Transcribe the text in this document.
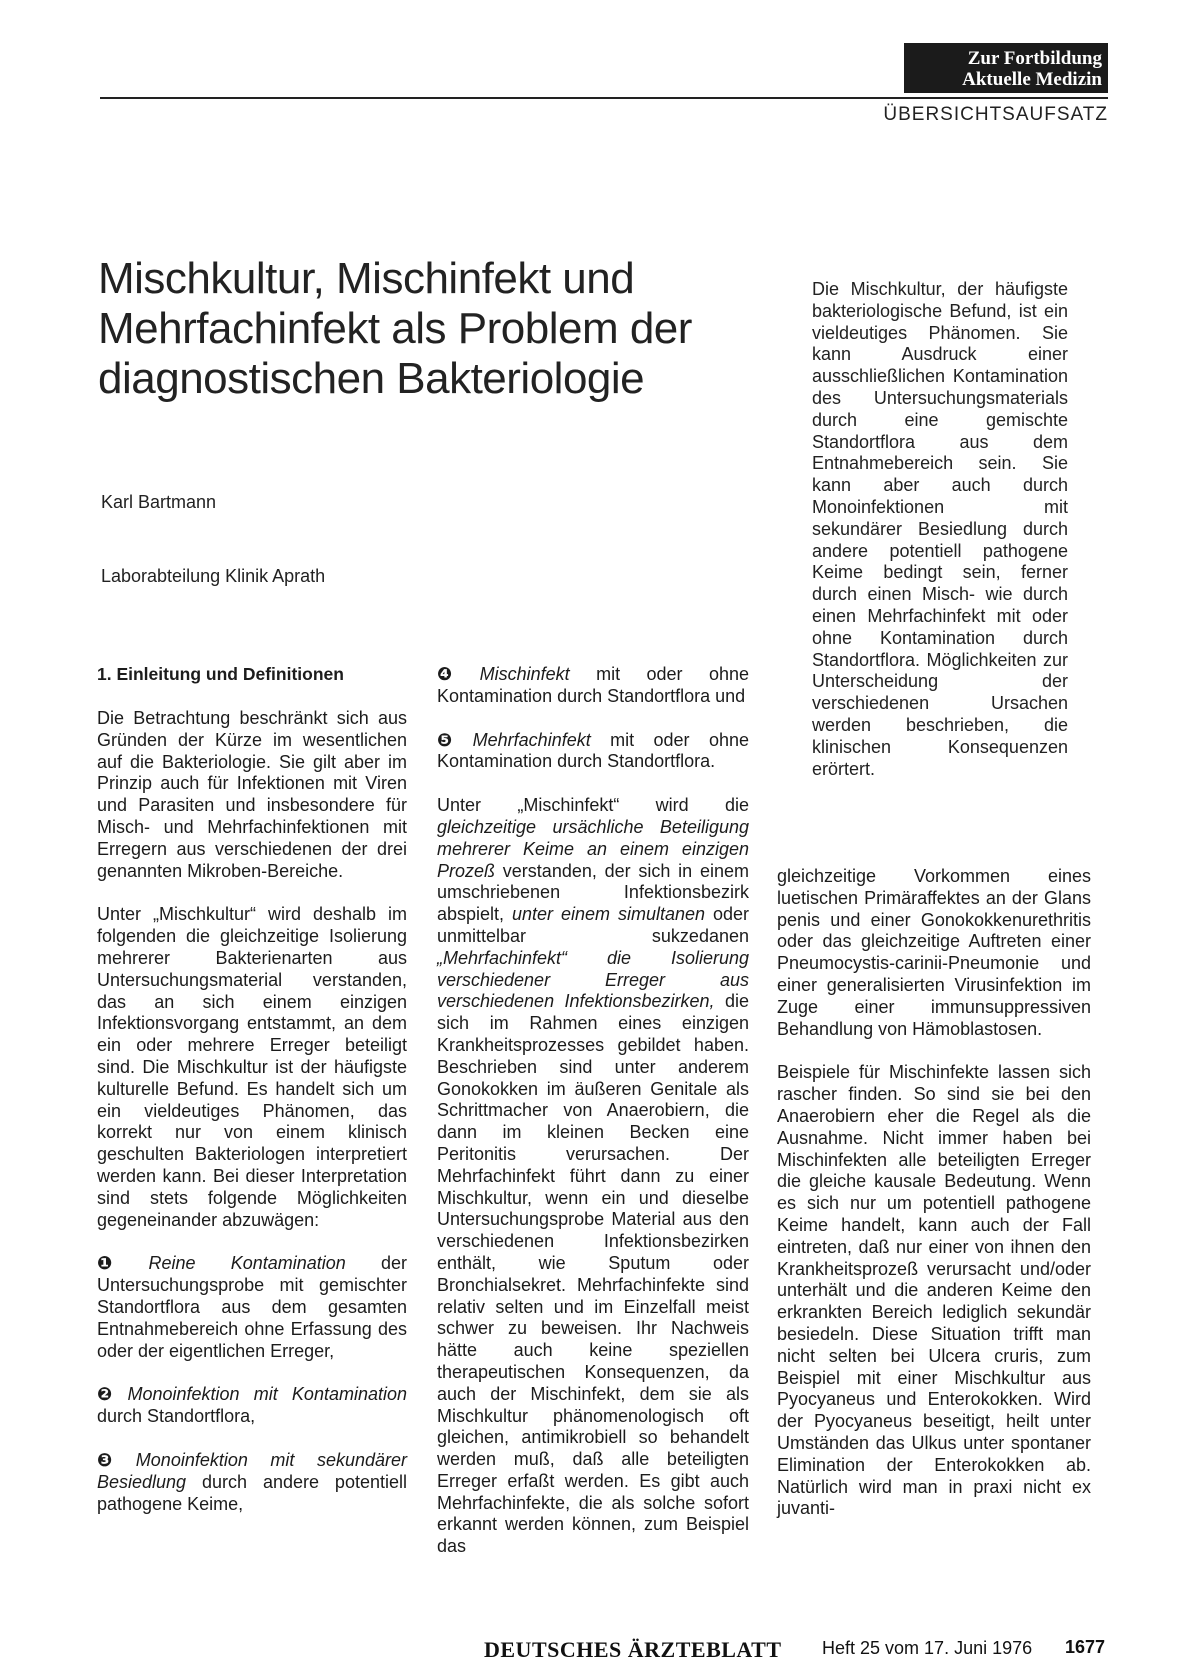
Zur Fortbildung
Aktuelle Medizin
ÜBERSICHTSAUFSATZ
Mischkultur, Mischinfekt und Mehrfachinfekt als Problem der diagnostischen Bakteriologie
Karl Bartmann
Laborabteilung Klinik Aprath
Die Mischkultur, der häufigste bakteriologische Befund, ist ein vieldeutiges Phänomen. Sie kann Ausdruck einer ausschließlichen Kontamination des Untersuchungsmaterials durch eine gemischte Standortflora aus dem Entnahmebereich sein. Sie kann aber auch durch Monoinfektionen mit sekundärer Besiedlung durch andere potentiell pathogene Keime bedingt sein, ferner durch einen Misch- wie durch einen Mehrfachinfekt mit oder ohne Kontamination durch Standortflora. Möglichkeiten zur Unterscheidung der verschiedenen Ursachen werden beschrieben, die klinischen Konsequenzen erörtert.
1. Einleitung und Definitionen

Die Betrachtung beschränkt sich aus Gründen der Kürze im wesentlichen auf die Bakteriologie. Sie gilt aber im Prinzip auch für Infektionen mit Viren und Parasiten und insbesondere für Misch- und Mehrfachinfektionen mit Erregern aus verschiedenen der drei genannten Mikroben-Bereiche.

Unter „Mischkultur“ wird deshalb im folgenden die gleichzeitige Isolierung mehrerer Bakterienarten aus Untersuchungsmaterial verstanden, das an sich einem einzigen Infektionsvorgang entstammt, an dem ein oder mehrere Erreger beteiligt sind. Die Mischkultur ist der häufigste kulturelle Befund. Es handelt sich um ein vieldeutiges Phänomen, das korrekt nur von einem klinisch geschulten Bakteriologen interpretiert werden kann. Bei dieser Interpretation sind stets folgende Möglichkeiten gegeneinander abzuwägen:

❶ Reine Kontamination der Untersuchungsprobe mit gemischter Standortflora aus dem gesamten Entnahmebereich ohne Erfassung des oder der eigentlichen Erreger,

❷ Monoinfektion mit Kontamination durch Standortflora,

❸ Monoinfektion mit sekundärer Besiedlung durch andere potentiell pathogene Keime,

❹ Mischinfekt mit oder ohne Kontamination durch Standortflora und

❺ Mehrfachinfekt mit oder ohne Kontamination durch Standortflora.

Unter „Mischinfekt“ wird die gleichzeitige ursächliche Beteiligung mehrerer Keime an einem einzigen Prozeß verstanden, der sich in einem umschriebenen Infektionsbezirk abspielt, unter einem simultanen oder unmittelbar sukzedanen „Mehrfachinfekt“ die Isolierung verschiedener Erreger aus verschiedenen Infektionsbezirken, die sich im Rahmen eines einzigen Krankheitsprozesses gebildet haben. Beschrieben sind unter anderem Gonokokken im äußeren Genitale als Schrittmacher von Anaerobiern, die dann im kleinen Becken eine Peritonitis verursachen. Der Mehrfachinfekt führt dann zu einer Mischkultur, wenn ein und dieselbe Untersuchungsprobe Material aus den verschiedenen Infektionsbezirken enthält, wie Sputum oder Bronchialsekret. Mehrfachinfekte sind relativ selten und im Einzelfall meist schwer zu beweisen. Ihr Nachweis hätte auch keine speziellen therapeutischen Konsequenzen, da auch der Mischinfekt, dem sie als Mischkultur phänomenologisch oft gleichen, antimikrobiell so behandelt werden muß, daß alle beteiligten Erreger erfaßt werden. Es gibt auch Mehrfachinfekte, die als solche sofort erkannt werden können, zum Beispiel das

gleichzeitige Vorkommen eines luetischen Primäraffektes an der Glans penis und einer Gonokokkenurethritis oder das gleichzeitige Auftreten einer Pneumocystis-carinii-Pneumonie und einer generalisierten Virusinfektion im Zuge einer immunsuppressiven Behandlung von Hämoblastosen.

Beispiele für Mischinfekte lassen sich rascher finden. So sind sie bei den Anaerobiern eher die Regel als die Ausnahme. Nicht immer haben bei Mischinfekten alle beteiligten Erreger die gleiche kausale Bedeutung. Wenn es sich nur um potentiell pathogene Keime handelt, kann auch der Fall eintreten, daß nur einer von ihnen den Krankheitsprozeß verursacht und/oder unterhält und die anderen Keime den erkrankten Bereich lediglich sekundär besiedeln. Diese Situation trifft man nicht selten bei Ulcera cruris, zum Beispiel mit einer Mischkultur aus Pyocyaneus und Enterokokken. Wird der Pyocyaneus beseitigt, heilt unter Umständen das Ulkus unter spontaner Elimination der Enterokokken ab. Natürlich wird man in praxi nicht ex juvanti-

DEUTSCHES ÄRZTEBLATT Heft 25 vom 17. Juni 1976 1677
